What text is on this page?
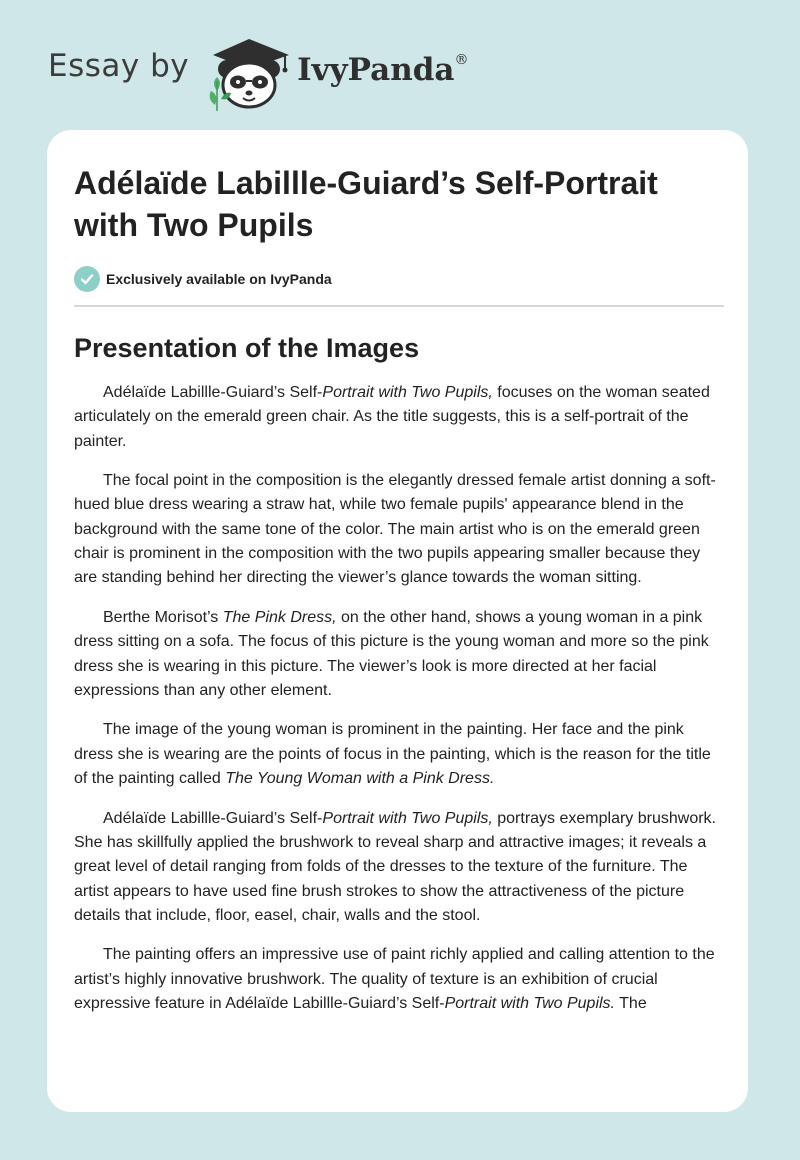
Essay by	IvyPanda®
Adélaïde Labillle-Guiard’s Self-Portrait with Two Pupils
Exclusively available on IvyPanda
Presentation of the Images

Adélaïde Labillle-Guiard’s Self-Portrait with Two Pupils, focuses on the woman seated articulately on the emerald green chair. As the title suggests, this is a self-portrait of the painter.

The focal point in the composition is the elegantly dressed female artist donning a soft-hued blue dress wearing a straw hat, while two female pupils' appearance blend in the background with the same tone of the color. The main artist who is on the emerald green chair is prominent in the composition with the two pupils appearing smaller because they are standing behind her directing the viewer’s glance towards the woman sitting.

Berthe Morisot’s The Pink Dress, on the other hand, shows a young woman in a pink dress sitting on a sofa. The focus of this picture is the young woman and more so the pink dress she is wearing in this picture. The viewer’s look is more directed at her facial expressions than any other element.

The image of the young woman is prominent in the painting. Her face and the pink dress she is wearing are the points of focus in the painting, which is the reason for the title of the painting called The Young Woman with a Pink Dress.

Adélaïde Labillle-Guiard’s Self-Portrait with Two Pupils, portrays exemplary brushwork. She has skillfully applied the brushwork to reveal sharp and attractive images; it reveals a great level of detail ranging from folds of the dresses to the texture of the furniture. The artist appears to have used fine brush strokes to show the attractiveness of the picture details that include, floor, easel, chair, walls and the stool.

The painting offers an impressive use of paint richly applied and calling attention to the artist’s highly innovative brushwork. The quality of texture is an exhibition of crucial expressive feature in Adélaïde Labillle-Guiard’s Self-Portrait with Two Pupils. The
